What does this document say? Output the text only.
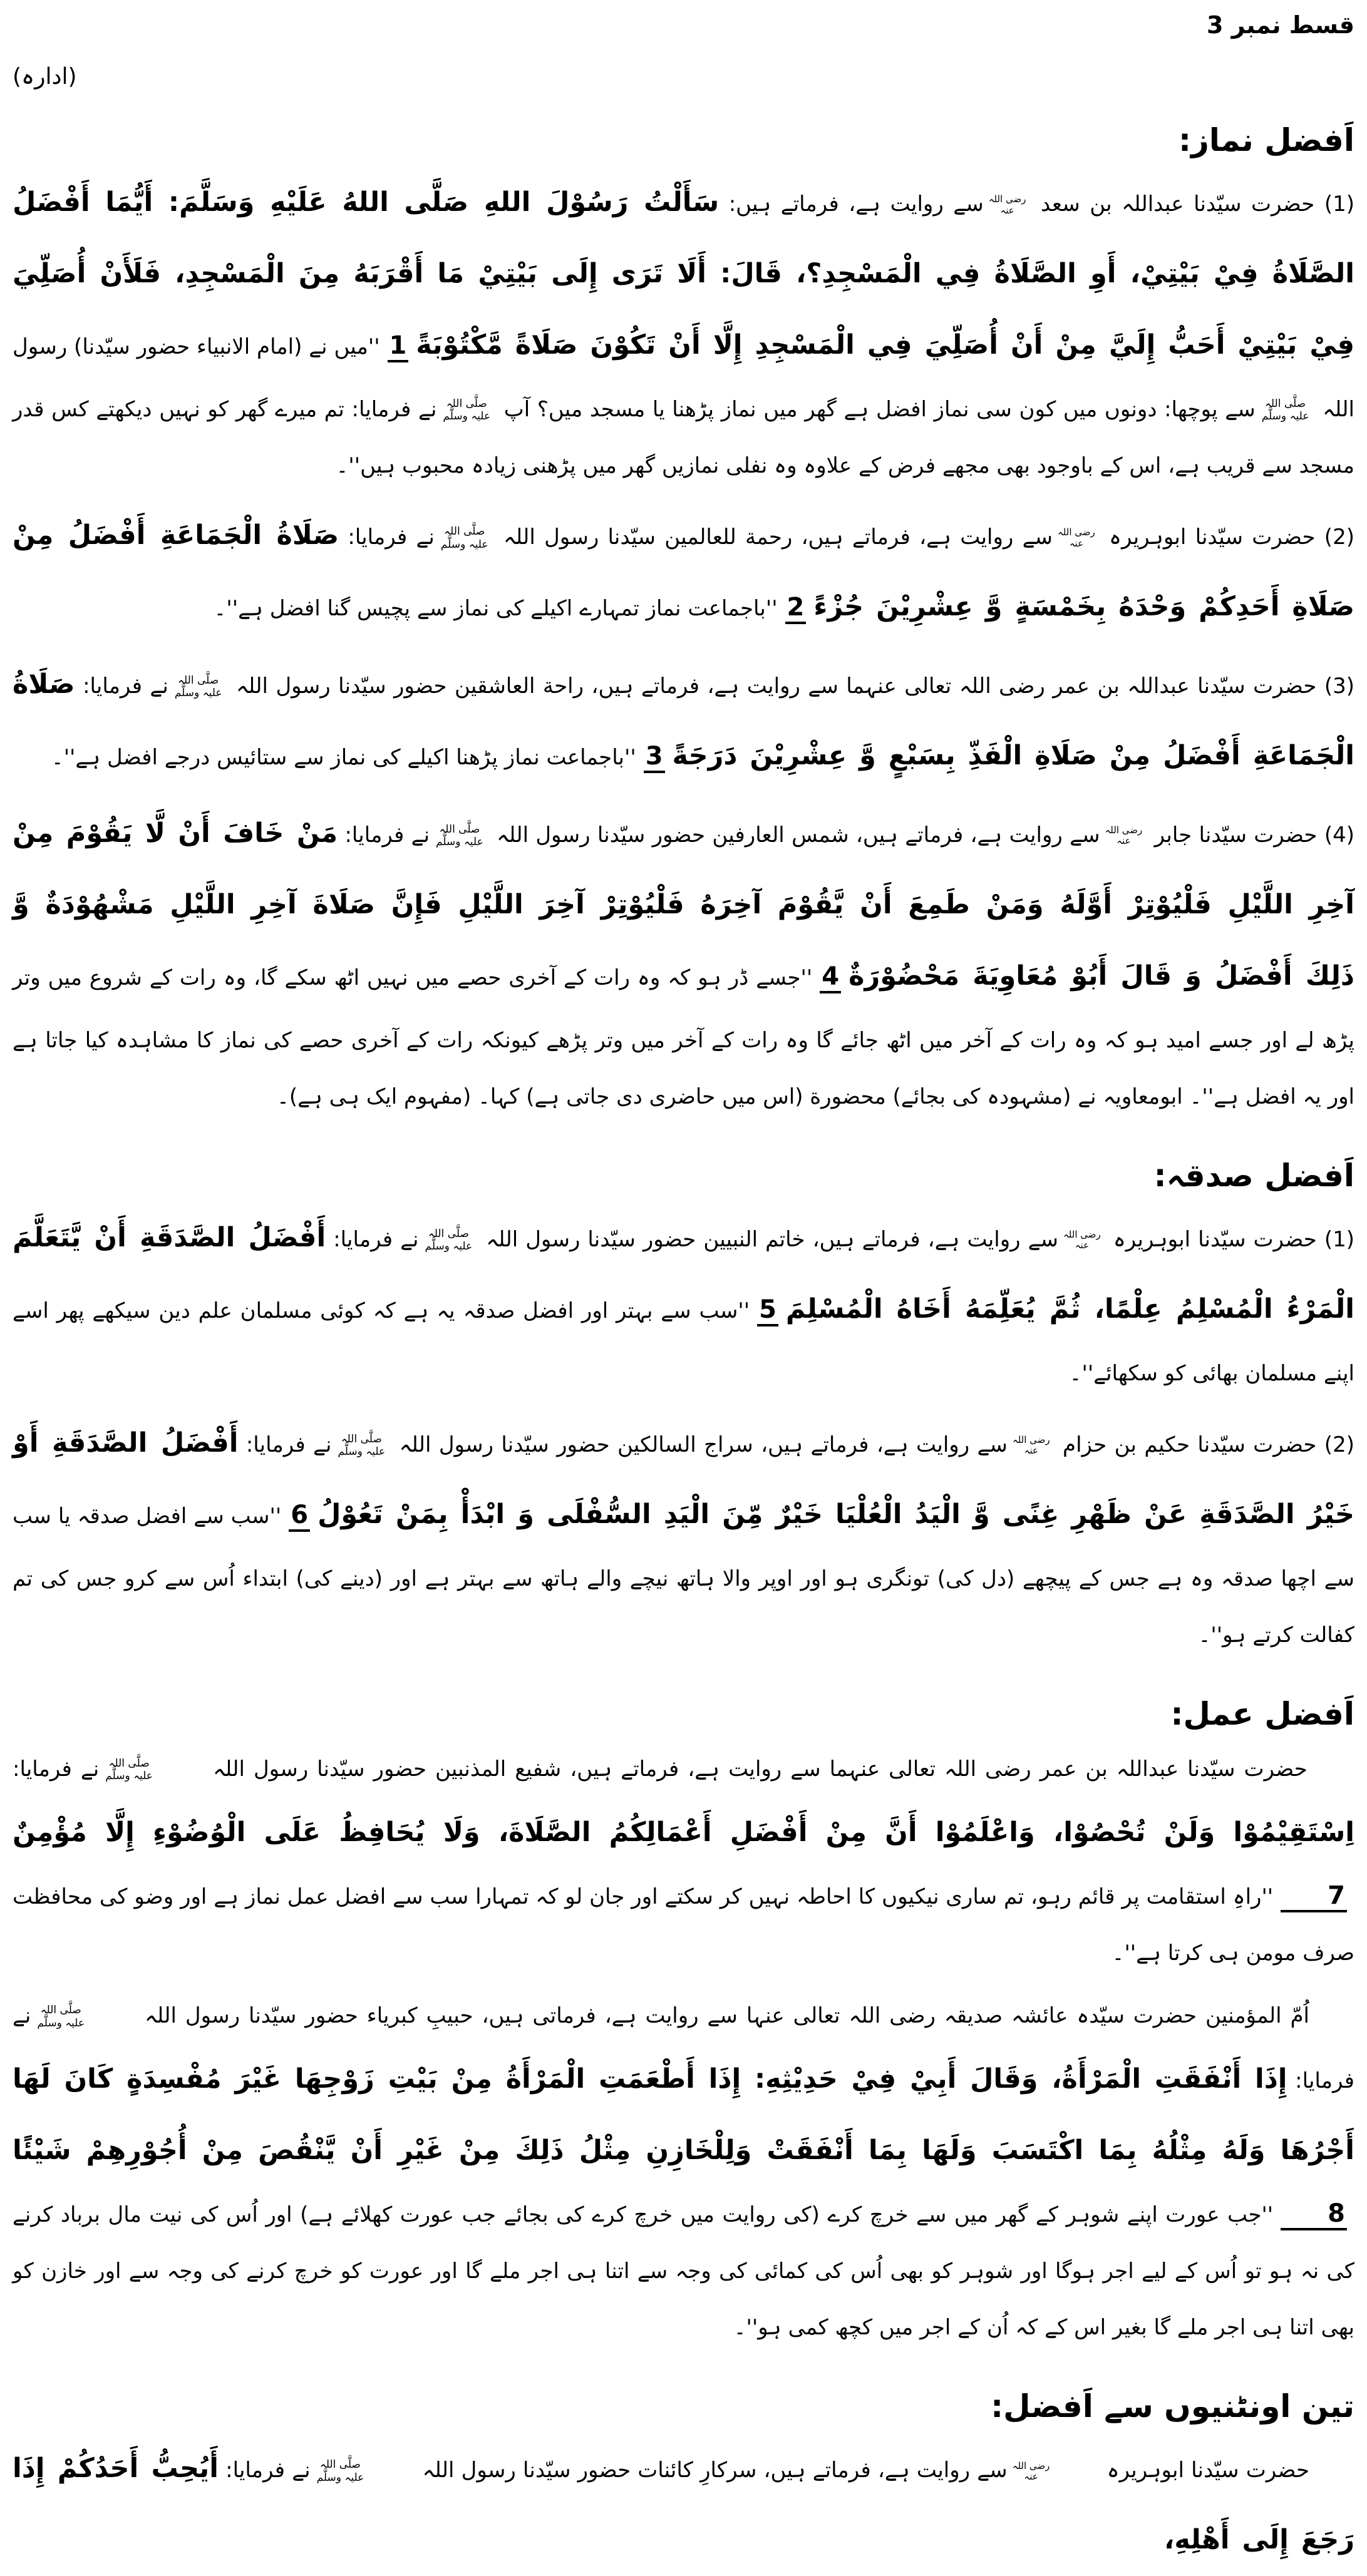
قسط نمبر 3
(ادارہ)
اَفضل نماز:

(1) حضرت سیّدنا عبداللہ بن سعد
رضی اللہ
عنہ
سے روایت ہے، فرماتے ہیں: سَأَلْتُ رَسُوْلَ اللهِ صَلَّى اللهُ عَلَيْهِ وَسَلَّمَ: أَيُّمَا أَفْضَلُ الصَّلَاةُ فِيْ بَيْتِيْ، أَوِ الصَّلَاةُ فِي الْمَسْجِدِ؟، قَالَ: أَلَا تَرَى إِلَى بَيْتِيْ مَا أَقْرَبَهُ مِنَ الْمَسْجِدِ، فَلَأَنْ أُصَلِّيَ فِيْ بَيْتِيْ أَحَبُّ إِلَيَّ مِنْ أَنْ أُصَلِّيَ فِي الْمَسْجِدِ إِلَّا أَنْ تَكُوْنَ صَلَاةً مَّكْتُوْبَةً1''میں نے (امام الانبیاء حضور سیّدنا) رسول اللہ
صلَّی اللہ
علیہ وسلَّم
سے پوچھا: دونوں میں کون سی نماز افضل ہے گھر میں نماز پڑھنا یا مسجد میں؟ آپ
صلَّی اللہ
علیہ وسلَّم
نے فرمایا: تم میرے گھر کو نہیں دیکھتے کس قدر مسجد سے قریب ہے، اس کے باوجود بھی مجھے فرض کے علاوہ وہ نفلی نمازیں گھر میں پڑھنی زیادہ محبوب ہیں''۔

(2) حضرت سیّدنا ابوہریرہ
رضی اللہ
عنہ
سے روایت ہے، فرماتے ہیں، رحمة للعالمین سیّدنا رسول اللہ
صلَّی اللہ
علیہ وسلَّم
نے فرمایا: صَلَاةُ الْجَمَاعَةِ أَفْضَلُ مِنْ صَلَاةِ أَحَدِكُمْ وَحْدَهُ بِخَمْسَةٍ وَّ عِشْرِيْنَ جُزْءً2''باجماعت نماز تمہارے اکیلے کی نماز سے پچیس گنا افضل ہے''۔

(3) حضرت سیّدنا عبداللہ بن عمر رضی اللہ تعالی عنہما سے روایت ہے، فرماتے ہیں، راحة العاشقین حضور سیّدنا رسول اللہ
صلَّی اللہ
علیہ وسلَّم
نے فرمایا: صَلَاةُ الْجَمَاعَةِ أَفْضَلُ مِنْ صَلَاةِ الْفَذِّ بِسَبْعٍ وَّ عِشْرِيْنَ دَرَجَةً3''باجماعت نماز پڑھنا اکیلے کی نماز سے ستائیس درجے افضل ہے''۔

(4) حضرت سیّدنا جابر
رضی اللہ
عنہ
سے روایت ہے، فرماتے ہیں، شمس العارفین حضور سیّدنا رسول اللہ
صلَّی اللہ
علیہ وسلَّم
نے فرمایا: مَنْ خَافَ أَنْ لَّا يَقُوْمَ مِنْ آخِرِ اللَّيْلِ فَلْيُوْتِرْ أَوَّلَهُ وَمَنْ طَمِعَ أَنْ يَّقُوْمَ آخِرَهُ فَلْيُوْتِرْ آخِرَ اللَّيْلِ فَإِنَّ صَلَاةَ آخِرِ اللَّيْلِ مَشْهُوْدَةٌ وَّ ذَلِكَ أَفْضَلُ وَ قَالَ أَبُوْ مُعَاوِيَةَ مَحْضُوْرَةٌ4''جسے ڈر ہو کہ وہ رات کے آخری حصے میں نہیں اٹھ سکے گا، وہ رات کے شروع میں وتر پڑھ لے اور جسے امید ہو کہ وہ رات کے آخر میں اٹھ جائے گا وہ رات کے آخر میں وتر پڑھے کیونکہ رات کے آخری حصے کی نماز کا مشاہدہ کیا جاتا ہے اور یہ افضل ہے''۔ ابومعاویہ نے (مشہودہ کی بجائے) محضورة (اس میں حاضری دی جاتی ہے) کہا۔ (مفہوم ایک ہی ہے)۔

اَفضل صدقہ:

(1) حضرت سیّدنا ابوہریرہ
رضی اللہ
عنہ
سے روایت ہے، فرماتے ہیں، خاتم النبیین حضور سیّدنا رسول اللہ
صلَّی اللہ
علیہ وسلَّم
نے فرمایا: أَفْضَلُ الصَّدَقَةِ أَنْ يَّتَعَلَّمَ الْمَرْءُ الْمُسْلِمُ عِلْمًا، ثُمَّ يُعَلِّمَهُ أَخَاهُ الْمُسْلِمَ5''سب سے بہتر اور افضل صدقہ یہ ہے کہ کوئی مسلمان علم دین سیکھے پھر اسے اپنے مسلمان بھائی کو سکھائے''۔

(2) حضرت سیّدنا حکیم بن حزام
رضی اللہ
عنہ
سے روایت ہے، فرماتے ہیں، سراج السالکین حضور سیّدنا رسول اللہ
صلَّی اللہ
علیہ وسلَّم
نے فرمایا: أَفْضَلُ الصَّدَقَةِ أَوْ خَيْرُ الصَّدَقَةِ عَنْ ظَهْرِ غِنًى وَّ الْيَدُ الْعُلْيَا خَيْرٌ مِّنَ الْيَدِ السُّفْلَى وَ ابْدَأْ بِمَنْ تَعُوْلُ6''سب سے افضل صدقہ یا سب سے اچھا صدقہ وہ ہے جس کے پیچھے (دل کی) تونگری ہو اور اوپر والا ہاتھ نیچے والے ہاتھ سے بہتر ہے اور (دینے کی) ابتداء اُس سے کرو جس کی تم کفالت کرتے ہو''۔

اَفضل عمل:

حضرت سیّدنا عبداللہ بن عمر رضی اللہ تعالی عنہما سے روایت ہے، فرماتے ہیں، شفیع المذنبین حضور سیّدنا رسول اللہ
صلَّی اللہ
علیہ وسلَّم
نے فرمایا: اِسْتَقِيْمُوْا وَلَنْ تُحْصُوْا، وَاعْلَمُوْا أَنَّ مِنْ أَفْضَلِ أَعْمَالِكُمُ الصَّلَاةَ، وَلَا يُحَافِظُ عَلَى الْوُضُوْءِ إِلَّا مُؤْمِنٌ7''راہِ استقامت پر قائم رہو، تم ساری نیکیوں کا احاطہ نہیں کر سکتے اور جان لو کہ تمہارا سب سے افضل عمل نماز ہے اور وضو کی محافظت صرف مومن ہی کرتا ہے''۔

اُمّ المؤمنین حضرت سیّدہ عائشہ صدیقہ رضی اللہ تعالی عنہا سے روایت ہے، فرماتی ہیں، حبیبِ کبریاء حضور سیّدنا رسول اللہ
صلَّی اللہ
علیہ وسلَّم
نے فرمایا: إِذَا أَنْفَقَتِ الْمَرْأَةُ، وَقَالَ أَبِيْ فِيْ حَدِيْثِهِ: إِذَا أَطْعَمَتِ الْمَرْأَةُ مِنْ بَيْتِ زَوْجِهَا غَيْرَ مُفْسِدَةٍ كَانَ لَهَا أَجْرُهَا وَلَهُ مِثْلُهُ بِمَا اكْتَسَبَ وَلَهَا بِمَا أَنْفَقَتْ وَلِلْخَازِنِ مِثْلُ ذَلِكَ مِنْ غَيْرِ أَنْ يَّنْقُصَ مِنْ أُجُوْرِهِمْ شَيْئًا8''جب عورت اپنے شوہر کے گھر میں سے خرچ کرے (کی روایت میں خرچ کرے کی بجائے جب عورت کھلائے ہے) اور اُس کی نیت مال برباد کرنے کی نہ ہو تو اُس کے لیے اجر ہوگا اور شوہر کو بھی اُس کی کمائی کی وجہ سے اتنا ہی اجر ملے گا اور عورت کو خرچ کرنے کی وجہ سے اور خازن کو بھی اتنا ہی اجر ملے گا بغیر اس کے کہ اُن کے اجر میں کچھ کمی ہو''۔

تین اونٹنیوں سے اَفضل:

حضرت سیّدنا ابوہریرہ
رضی اللہ
عنہ
سے روایت ہے، فرماتے ہیں، سرکارِ کائنات حضور سیّدنا رسول اللہ
صلَّی اللہ
علیہ وسلَّم
نے فرمایا: أَيُحِبُّ أَحَدُكُمْ إِذَا رَجَعَ إِلَى أَهْلِهِ،
